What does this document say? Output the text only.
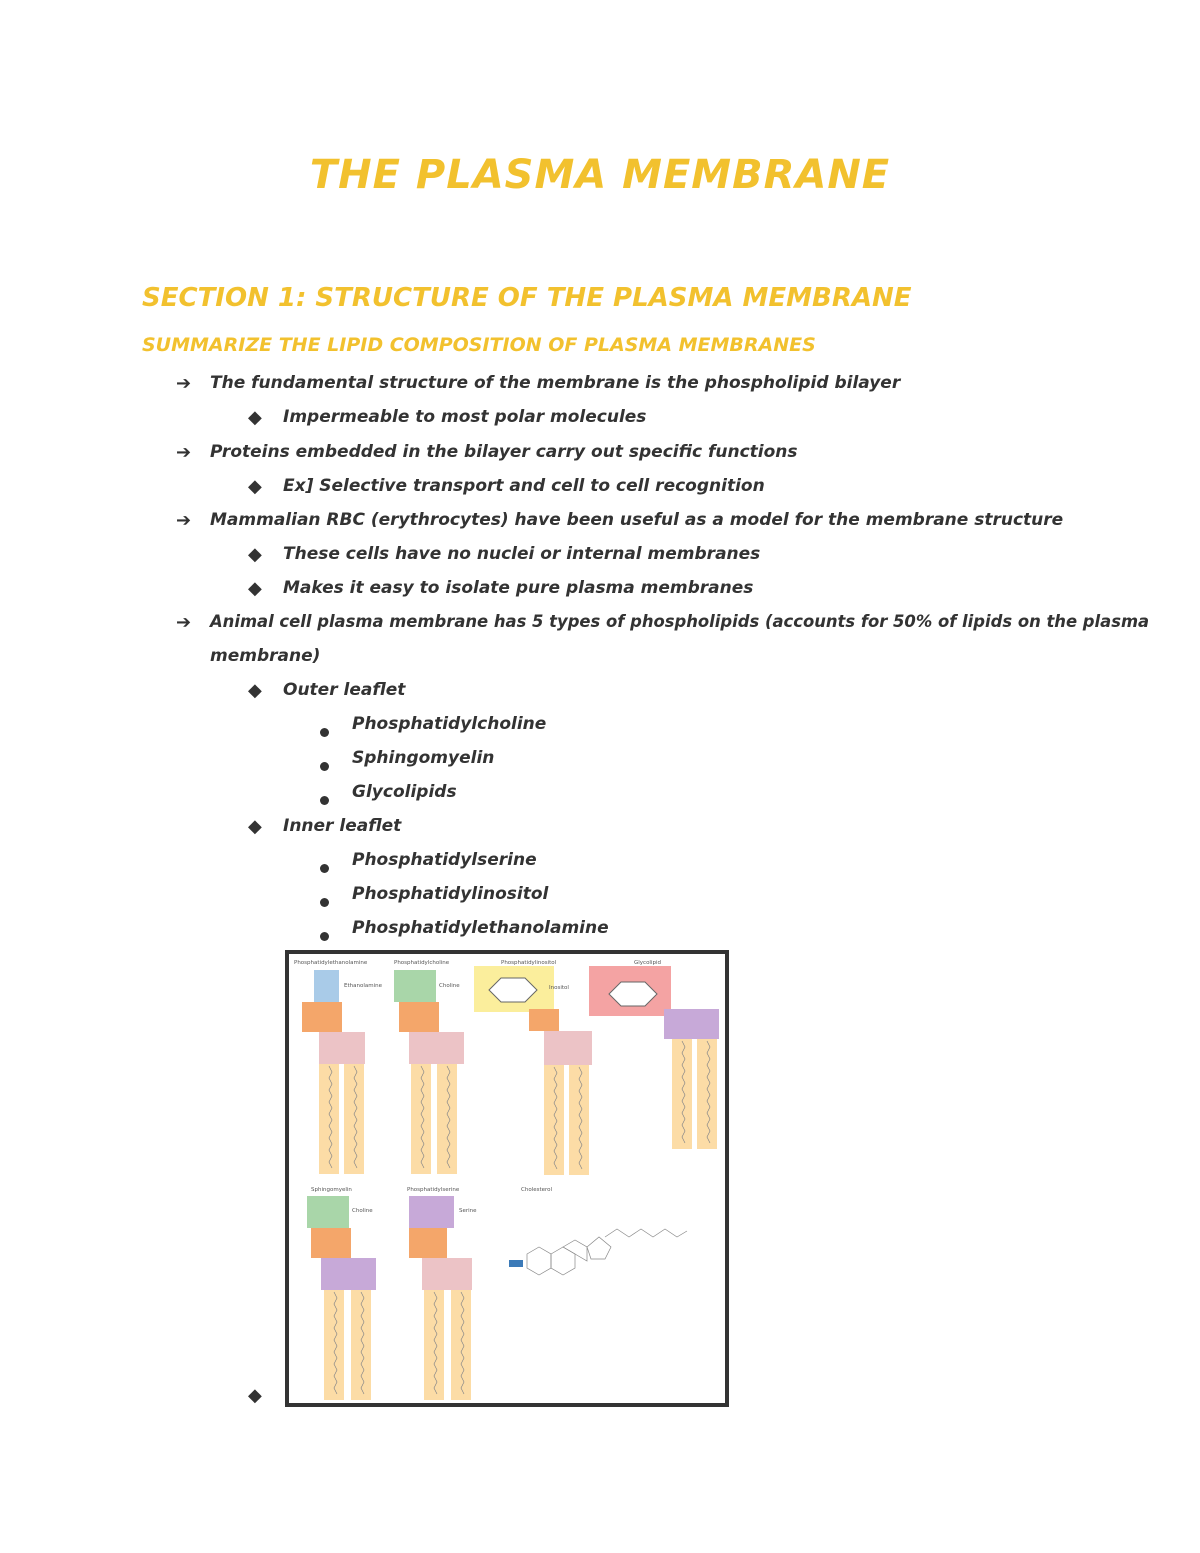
THE PLASMA MEMBRANE
SECTION 1: STRUCTURE OF THE PLASMA MEMBRANE
SUMMARIZE THE LIPID COMPOSITION OF PLASMA MEMBRANES
➔	The fundamental structure of the membrane is the phospholipid bilayer
◆	Impermeable to most polar molecules
➔	Proteins embedded in the bilayer carry out specific functions
◆	Ex] Selective transport and cell to cell recognition
➔	Mammalian RBC (erythrocytes) have been useful as a model for the membrane structure
◆	These cells have no nuclei or internal membranes
◆	Makes it easy to isolate pure plasma membranes
➔	Animal cell plasma membrane has 5 types of phospholipids (accounts for 50% of lipids on the plasma
membrane)
◆	Outer leaflet
Phosphatidylcholine
Sphingomyelin
Glycolipids
◆	Inner leaflet
Phosphatidylserine
Phosphatidylinositol
Phosphatidylethanolamine
◆
Phosphatidylethanolamine	Phosphatidylcholine	Phosphatidylinositol	Glycolipid
Ethanolamine	Choline	Inositol
Sphingomyelin	Phosphatidylserine	Cholesterol
Choline	Serine
